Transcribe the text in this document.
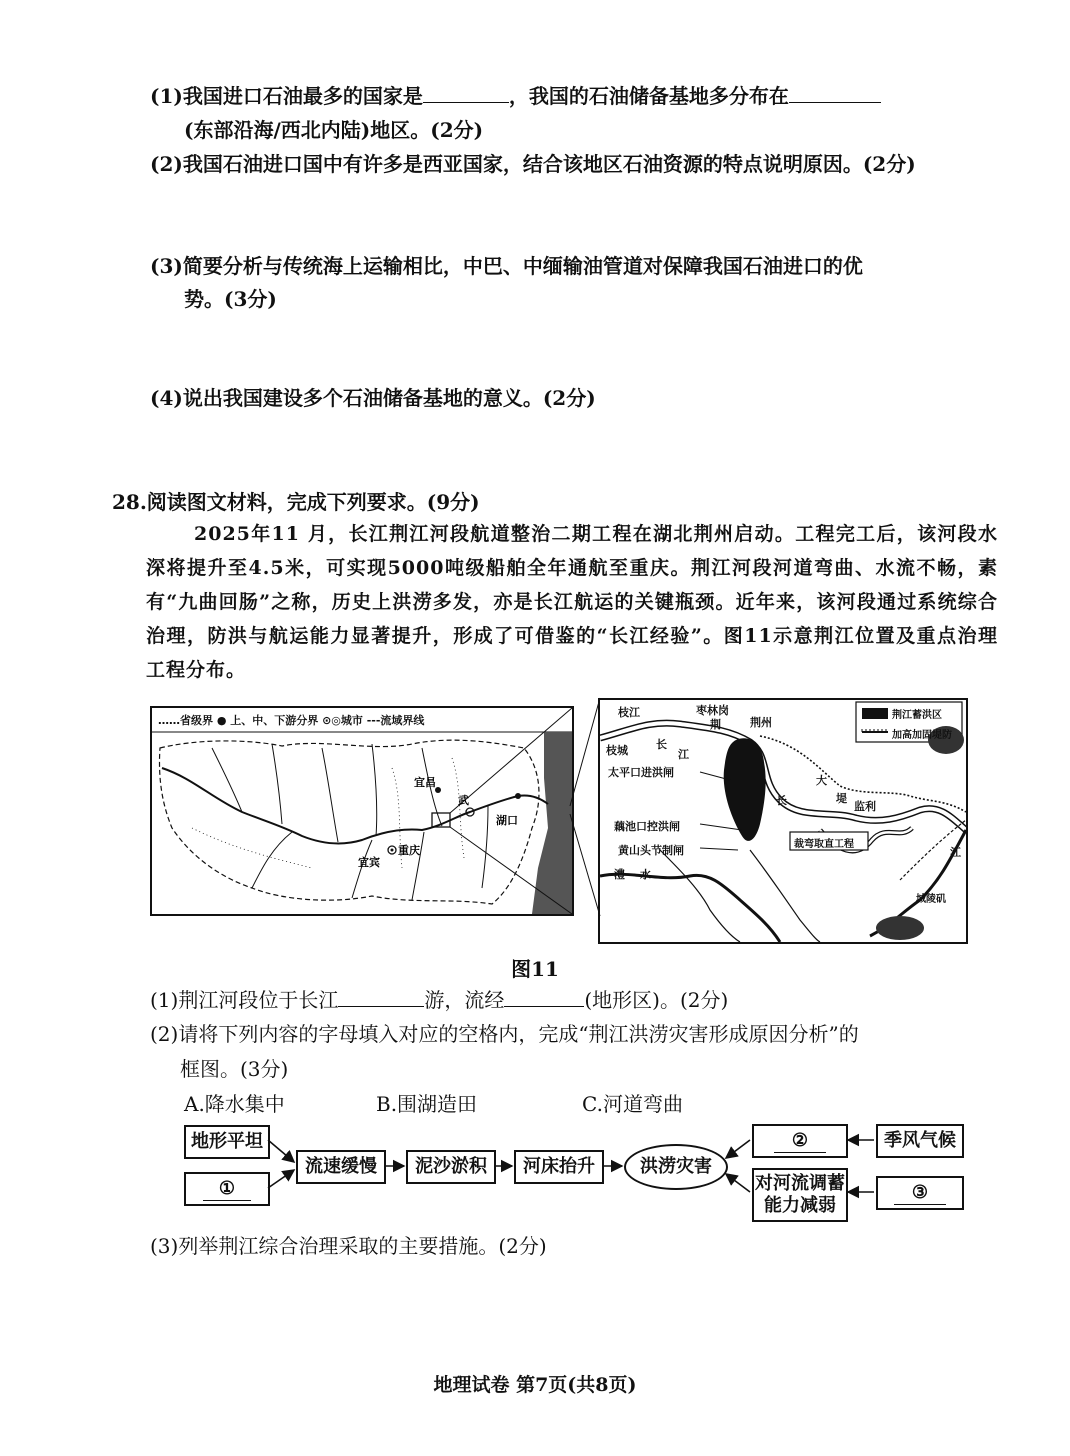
(1)我国进口石油最多的国家是	，我国的石油储备基地多分布在
(东部沿海/西北内陆)地区。(2分)
(2)我国石油进口国中有许多是西亚国家，结合该地区石油资源的特点说明原因。(2分)
(3)简要分析与传统海上运输相比，中巴、中缅输油管道对保障我国石油进口的优
势。(3分)
(4)说出我国建设多个石油储备基地的意义。(2分)
28.阅读图文材料，完成下列要求。(9分)

2025年11 月，长江荆江河段航道整治二期工程在湖北荆州启动。工程完工后，该河段水深将提升至4.5米，可实现5000吨级船舶全年通航至重庆。荆江河段河道弯曲、水流不畅，素有“九曲回肠”之称，历史上洪涝多发，亦是长江航运的关键瓶颈。近年来，该河段通过系统综合治理，防洪与航运能力显著提升，形成了可借鉴的“长江经验”。图11示意荆江位置及重点治理工程分布。

宜昌
武
重庆
宜宾
湖口
……省级界 ● 上、中、下游分界 ⊙◎城市 ---流域界线	荆江蓄洪区
加高加固堤防
枝江	枣林岗
荆	荆州
长
江
枝城
太平口进洪闸
大
堤
监利
藕池口控洪闸
黄山头节制闸	裁弯取直工程
澧 水
城陵矶
江
长
图11
(1)荆江河段位于长江	游，流经	(地形区)。(2分)
(2)请将下列内容的字母填入对应的空格内，完成“荆江洪涝灾害形成原因分析”的
框图。(3分)
A.降水集中	B.围湖造田	C.河道弯曲
地形平坦
①
流速缓慢	泥沙淤积	河床抬升	洪涝灾害
②	季风气候
对河流调蓄能力减弱
③
(3)列举荆江综合治理采取的主要措施。(2分)
地理试卷 第7页(共8页)
